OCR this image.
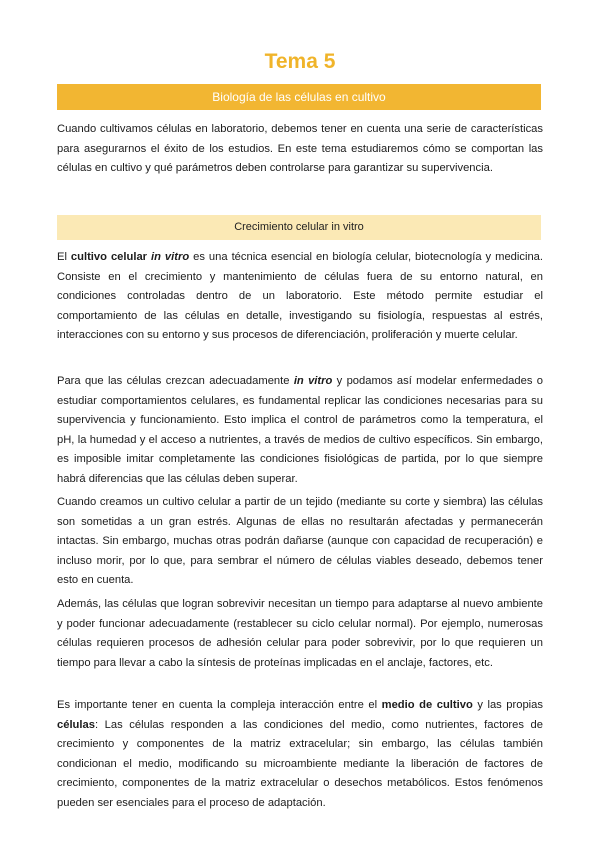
Tema 5
Biología de las células en cultivo

Cuando cultivamos células en laboratorio, debemos tener en cuenta una serie de características para asegurarnos el éxito de los estudios. En este tema estudiaremos cómo se comportan las células en cultivo y qué parámetros deben controlarse para garantizar su supervivencia.

Crecimiento celular in vitro

El cultivo celular in vitro es una técnica esencial en biología celular, biotecnología y medicina. Consiste en el crecimiento y mantenimiento de células fuera de su entorno natural, en condiciones controladas dentro de un laboratorio. Este método permite estudiar el comportamiento de las células en detalle, investigando su fisiología, respuestas al estrés, interacciones con su entorno y sus procesos de diferenciación, proliferación y muerte celular.

Para que las células crezcan adecuadamente in vitro y podamos así modelar enfermedades o estudiar comportamientos celulares, es fundamental replicar las condiciones necesarias para su supervivencia y funcionamiento. Esto implica el control de parámetros como la temperatura, el pH, la humedad y el acceso a nutrientes, a través de medios de cultivo específicos. Sin embargo, es imposible imitar completamente las condiciones fisiológicas de partida, por lo que siempre habrá diferencias que las células deben superar.

Cuando creamos un cultivo celular a partir de un tejido (mediante su corte y siembra) las células son sometidas a un gran estrés. Algunas de ellas no resultarán afectadas y permanecerán intactas. Sin embargo, muchas otras podrán dañarse (aunque con capacidad de recuperación) e incluso morir, por lo que, para sembrar el número de células viables deseado, debemos tener esto en cuenta.

Además, las células que logran sobrevivir necesitan un tiempo para adaptarse al nuevo ambiente y poder funcionar adecuadamente (restablecer su ciclo celular normal). Por ejemplo, numerosas células requieren procesos de adhesión celular para poder sobrevivir, por lo que requieren un tiempo para llevar a cabo la síntesis de proteínas implicadas en el anclaje, factores, etc.

Es importante tener en cuenta la compleja interacción entre el medio de cultivo y las propias células: Las células responden a las condiciones del medio, como nutrientes, factores de crecimiento y componentes de la matriz extracelular; sin embargo, las células también condicionan el medio, modificando su microambiente mediante la liberación de factores de crecimiento, componentes de la matriz extracelular o desechos metabólicos. Estos fenómenos pueden ser esenciales para el proceso de adaptación.
